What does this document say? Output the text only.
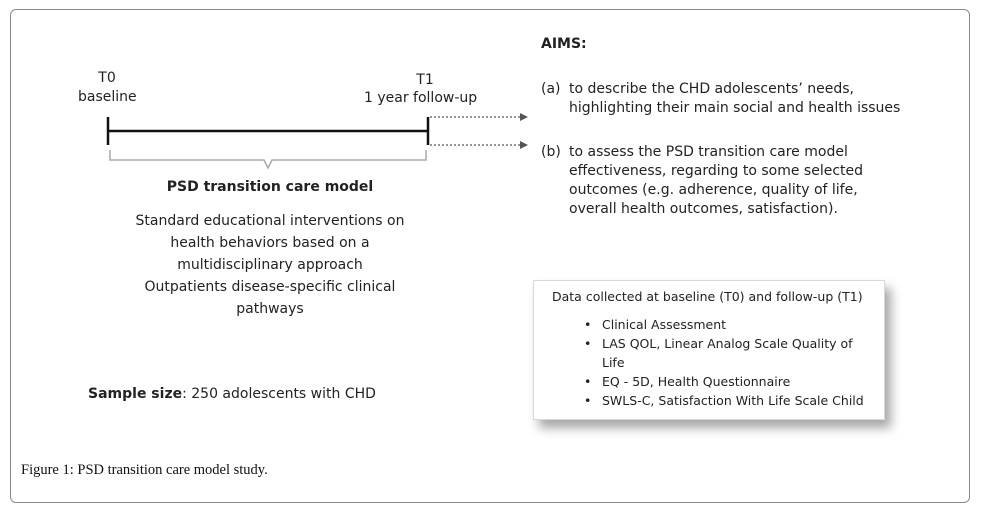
T0
baseline
T1
1 year follow-up
PSD transition care model
Standard educational interventions on
health behaviors based on a
multidisciplinary approach
Outpatients disease-specific clinical
pathways
Sample size: 250 adolescents with CHD
AIMS:
(a) to describe the CHD adolescents’ needs, highlighting their main social and health issues
(b) to assess the PSD transition care model effectiveness, regarding to some selected outcomes (e.g. adherence, quality of life, overall health outcomes, satisfaction).
Data collected at baseline (T0) and follow-up (T1)
• Clinical Assessment
• LAS QOL, Linear Analog Scale Quality of Life
• EQ - 5D, Health Questionnaire
• SWLS-C, Satisfaction With Life Scale Child
Figure 1: PSD transition care model study.
